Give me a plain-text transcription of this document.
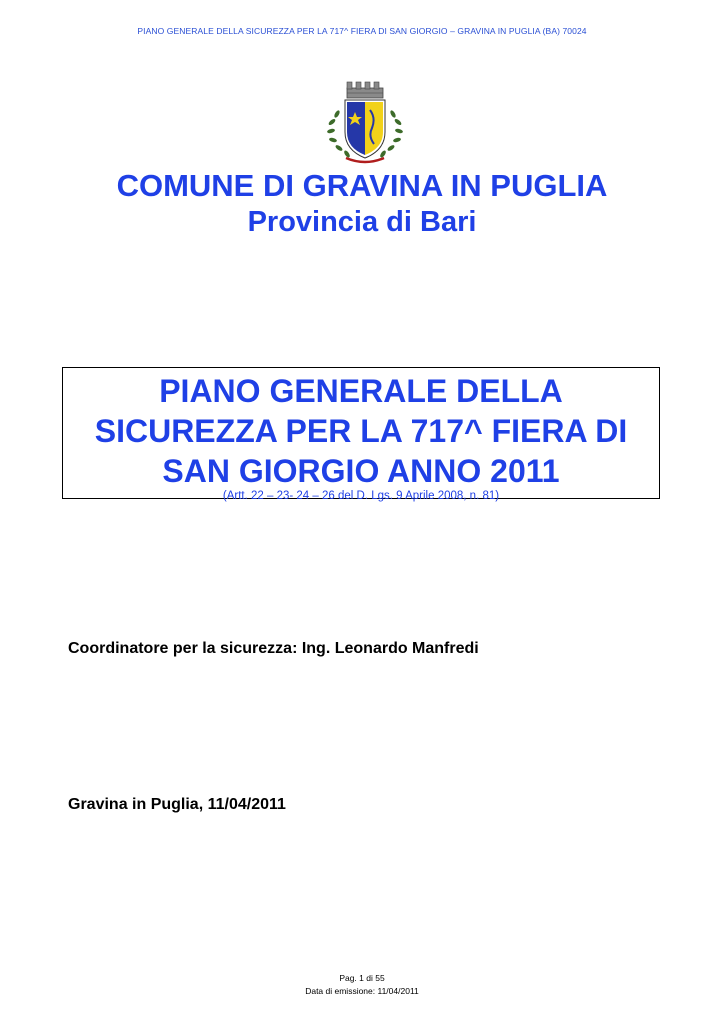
PIANO GENERALE DELLA SICUREZZA PER LA 717^ FIERA DI SAN GIORGIO – GRAVINA IN PUGLIA (BA) 70024

COMUNE DI GRAVINA IN PUGLIA

Provincia di Bari

PIANO GENERALE DELLA
SICUREZZA PER LA 717^ FIERA DI
SAN GIORGIO ANNO 2011

(Artt. 22 – 23- 24 – 26 del D. Lgs. 9 Aprile 2008, n. 81)

Coordinatore per la sicurezza: Ing. Leonardo Manfredi
Gravina in Puglia, 11/04/2011
Pag. 1 di 55
Data di emissione: 11/04/2011
